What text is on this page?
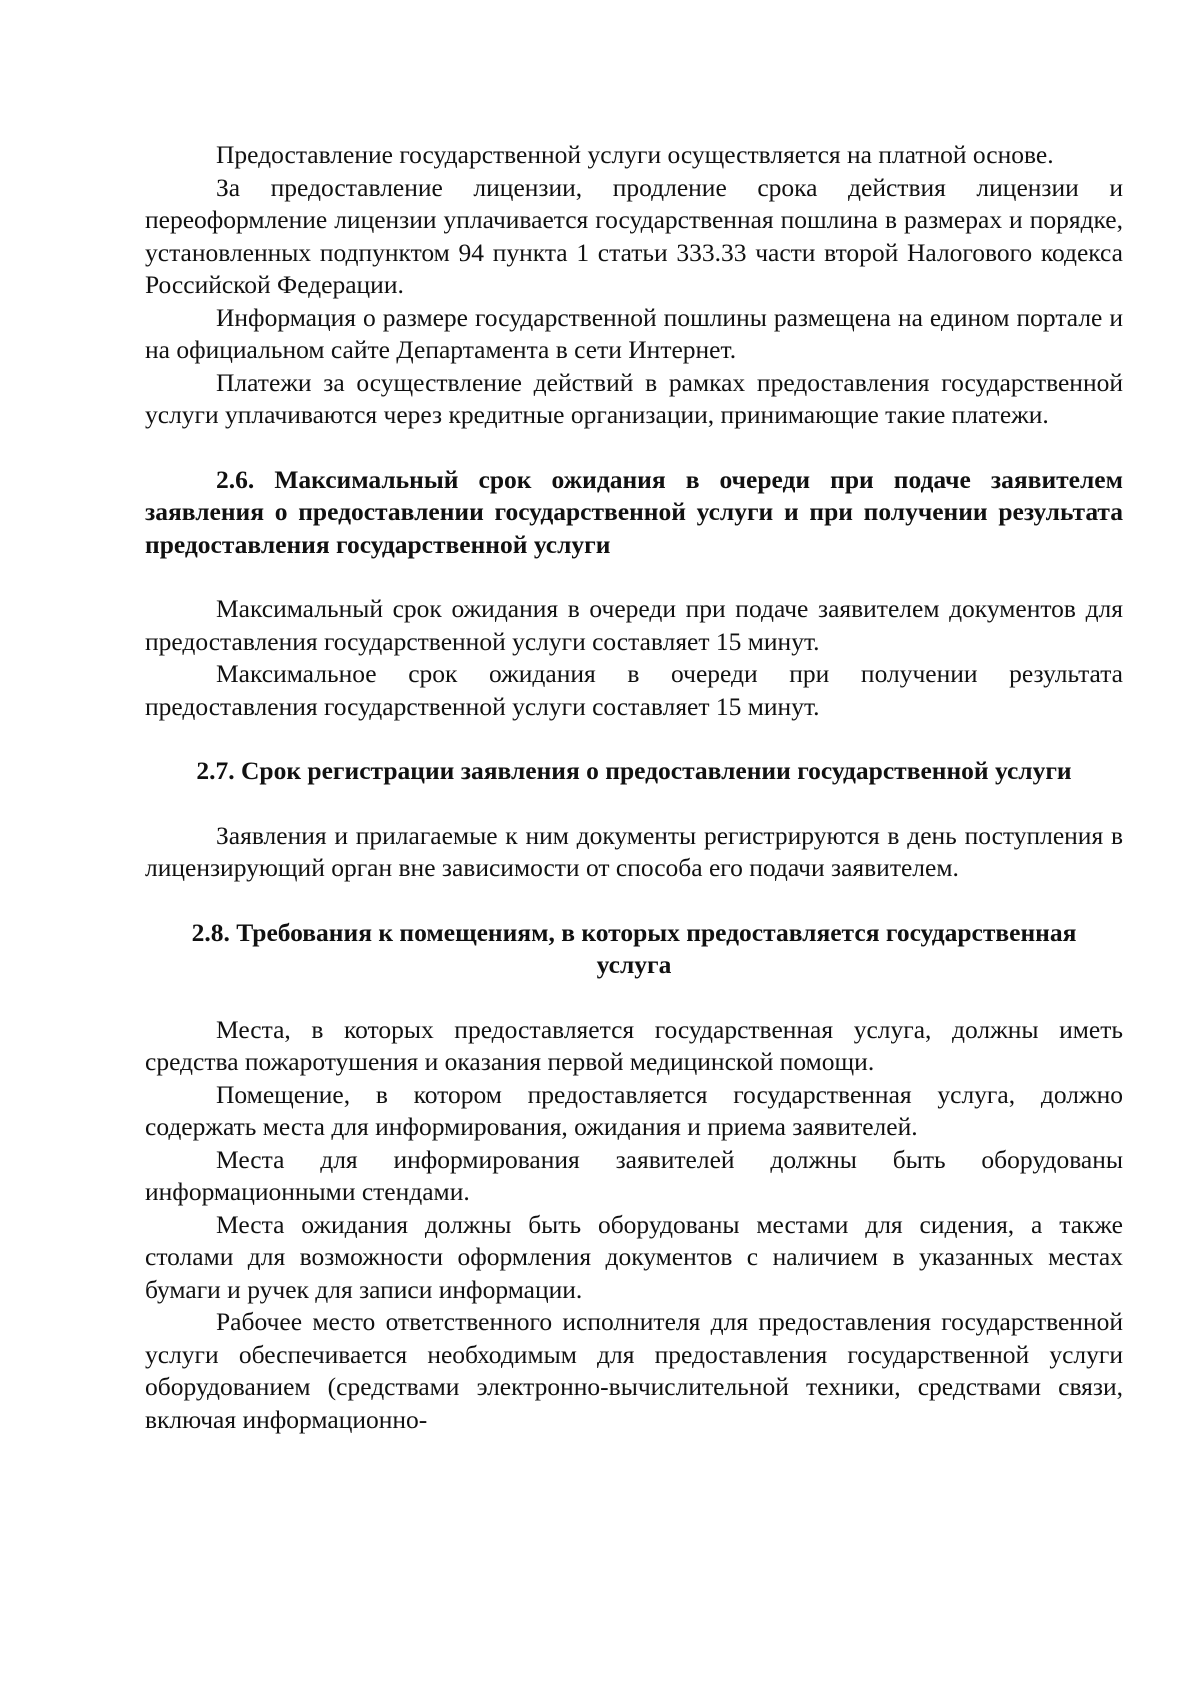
Предоставление государственной услуги осуществляется на платной основе.

За предоставление лицензии, продление срока действия лицензии и переоформление лицензии уплачивается государственная пошлина в размерах и порядке, установленных подпунктом 94 пункта 1 статьи 333.33 части второй Налогового кодекса Российской Федерации.

Информация о размере государственной пошлины размещена на едином портале и на официальном сайте Департамента в сети Интернет.

Платежи за осуществление действий в рамках предоставления государственной услуги уплачиваются через кредитные организации, принимающие такие платежи.

2.6. Максимальный срок ожидания в очереди при подаче заявителем заявления о предоставлении государственной услуги и при получении результата предоставления государственной услуги

Максимальный срок ожидания в очереди при подаче заявителем документов для предоставления государственной услуги составляет 15 минут.

Максимальное срок ожидания в очереди при получении результата предоставления государственной услуги составляет 15 минут.

2.7. Срок регистрации заявления о предоставлении государственной услуги

Заявления и прилагаемые к ним документы регистрируются в день поступления в лицензирующий орган вне зависимости от способа его подачи заявителем.

2.8. Требования к помещениям, в которых предоставляется государственная услуга

Места, в которых предоставляется государственная услуга, должны иметь средства пожаротушения и оказания первой медицинской помощи.

Помещение, в котором предоставляется государственная услуга, должно содержать места для информирования, ожидания и приема заявителей.

Места для информирования заявителей должны быть оборудованы информационными стендами.

Места ожидания должны быть оборудованы местами для сидения, а также столами для возможности оформления документов с наличием в указанных местах бумаги и ручек для записи информации.

Рабочее место ответственного исполнителя для предоставления государственной услуги обеспечивается необходимым для предоставления государственной услуги оборудованием (средствами электронно-вычислительной техники, средствами связи, включая информационно-
